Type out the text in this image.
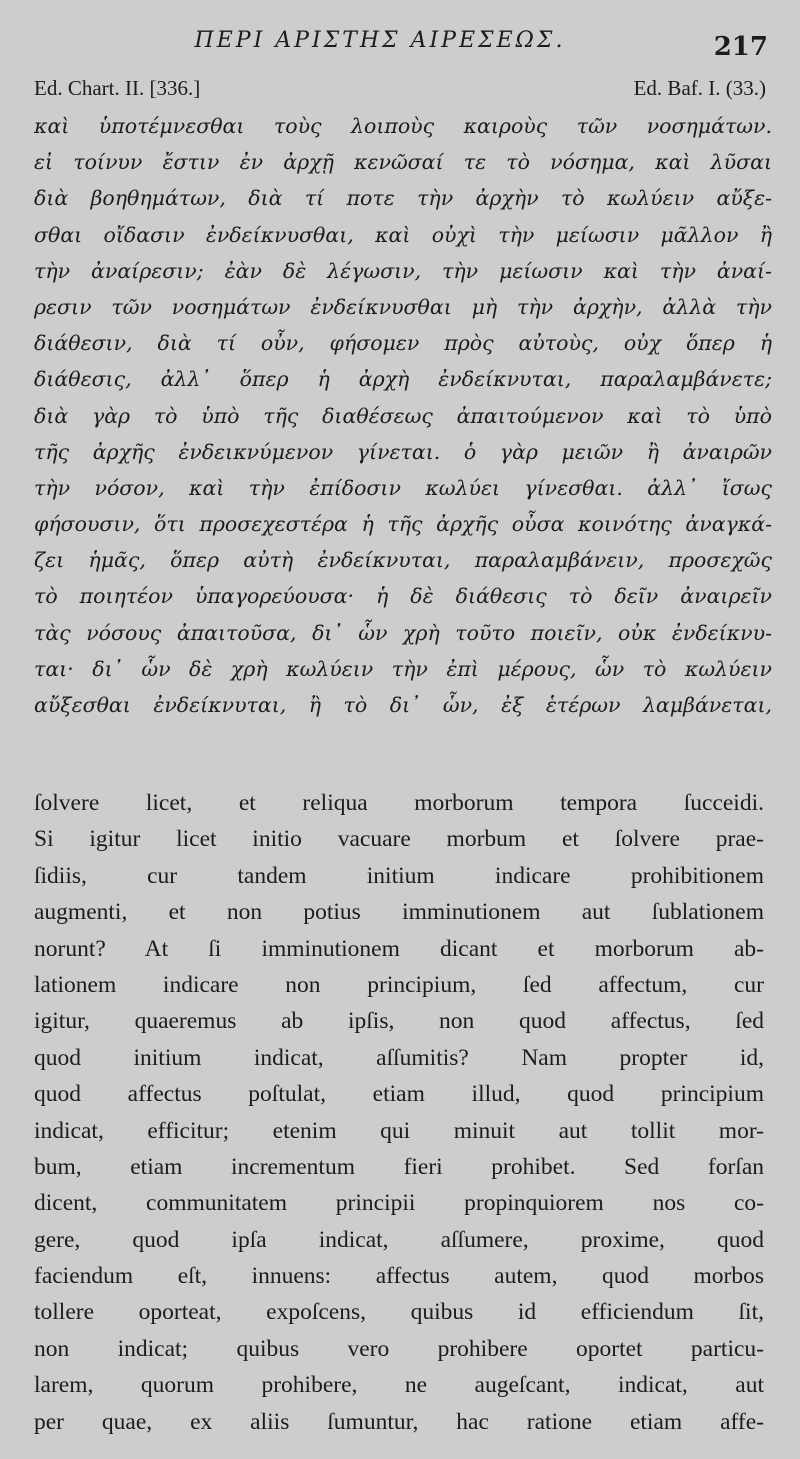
ΠΕΡΙ ΑΡΙΣΤΗΣ ΑΙΡΕΣΕΩΣ.	217
Ed. Chart. II. [336.]	Ed. Baf. I. (33.)
καὶ ὑποτέμνεσθαι τοὺς λοιποὺς καιροὺς τῶν νοσημάτων.
εἰ τοίνυν ἔστιν ἐν ἀρχῇ κενῶσαί τε τὸ νόσημα, καὶ λῦσαι
διὰ βοηθημάτων, διὰ τί ποτε τὴν ἀρχὴν τὸ κωλύειν αὔξε-
σθαι οἴδασιν ἐνδείκνυσθαι, καὶ οὐχὶ τὴν μείωσιν μᾶλλον ἢ
τὴν ἀναίρεσιν; ἐὰν δὲ λέγωσιν, τὴν μείωσιν καὶ τὴν ἀναί-
ρεσιν τῶν νοσημάτων ἐνδείκνυσθαι μὴ τὴν ἀρχὴν, ἀλλὰ τὴν
διάθεσιν, διὰ τί οὖν, φήσομεν πρὸς αὐτοὺς, οὐχ ὅπερ ἡ
διάθεσις, ἀλλ᾽ ὅπερ ἡ ἀρχὴ ἐνδείκνυται, παραλαμβάνετε;
διὰ γὰρ τὸ ὑπὸ τῆς διαθέσεως ἀπαιτούμενον καὶ τὸ ὑπὸ
τῆς ἀρχῆς ἐνδεικνύμενον γίνεται. ὁ γὰρ μειῶν ἢ ἀναιρῶν
τὴν νόσον, καὶ τὴν ἐπίδοσιν κωλύει γίνεσθαι. ἀλλ᾽ ἴσως
φήσουσιν, ὅτι προσεχεστέρα ἡ τῆς ἀρχῆς οὖσα κοινότης ἀναγκά-
ζει ἡμᾶς, ὅπερ αὐτὴ ἐνδείκνυται, παραλαμβάνειν, προσεχῶς
τὸ ποιητέον ὑπαγορεύουσα· ἡ δὲ διάθεσις τὸ δεῖν ἀναιρεῖν
τὰς νόσους ἀπαιτοῦσα, δι᾽ ὧν χρὴ τοῦτο ποιεῖν, οὐκ ἐνδείκνυ-
ται· δι᾽ ὧν δὲ χρὴ κωλύειν τὴν ἐπὶ μέρους, ὧν τὸ κωλύειν
αὔξεσθαι ἐνδείκνυται, ἢ τὸ δι᾽ ὧν, ἐξ ἑτέρων λαμβάνεται,
ſolvere licet, et reliqua morborum tempora ſucceidi.
Si igitur licet initio vacuare morbum et ſolvere prae-
ſidiis, cur tandem initium indicare prohibitionem
augmenti, et non potius imminutionem aut ſublationem
norunt? At ſi imminutionem dicant et morborum ab-
lationem indicare non principium, ſed affectum, cur
igitur, quaeremus ab ipſis, non quod affectus, ſed
quod initium indicat, aſſumitis? Nam propter id,
quod affectus poſtulat, etiam illud, quod principium
indicat, efficitur; etenim qui minuit aut tollit mor-
bum, etiam incrementum fieri prohibet. Sed forſan
dicent, communitatem principii propinquiorem nos co-
gere, quod ipſa indicat, aſſumere, proxime, quod
faciendum eſt, innuens: affectus autem, quod morbos
tollere oporteat, expoſcens, quibus id efficiendum ſit,
non indicat; quibus vero prohibere oportet particu-
larem, quorum prohibere, ne augeſcant, indicat, aut
per quae, ex aliis ſumuntur, hac ratione etiam affe-
